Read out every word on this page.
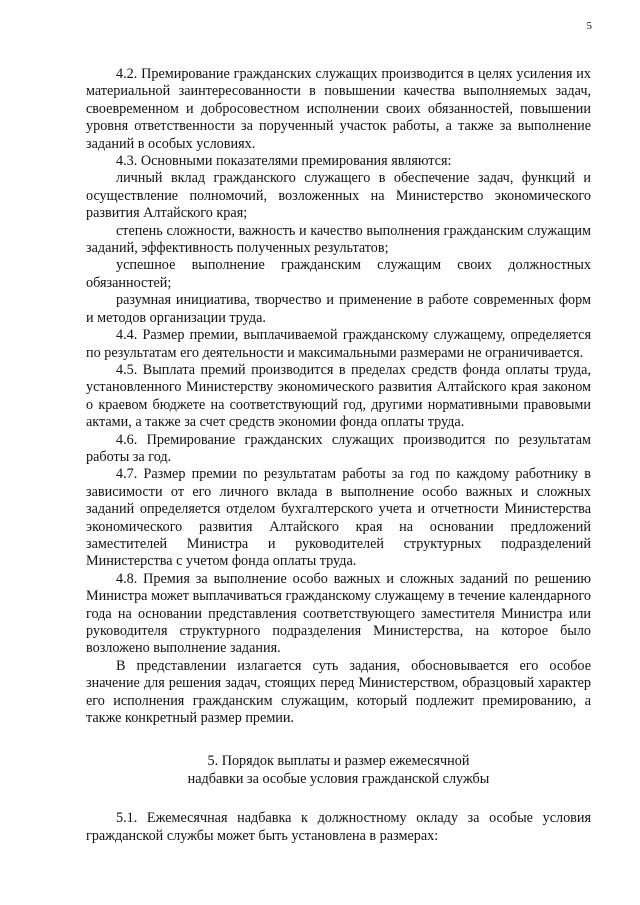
5

4.2. Премирование гражданских служащих производится в целях усиления их материальной заинтересованности в повышении качества выполняемых задач, своевременном и добросовестном исполнении своих обязанностей, повышении уровня ответственности за порученный участок работы, а также за выполнение заданий в особых условиях.

4.3. Основными показателями премирования являются:

личный вклад гражданского служащего в обеспечение задач, функций и осуществление полномочий, возложенных на Министерство экономического развития Алтайского края;

степень сложности, важность и качество выполнения гражданским служащим заданий, эффективность полученных результатов;

успешное выполнение гражданским служащим своих должностных обязанностей;

разумная инициатива, творчество и применение в работе современных форм и методов организации труда.

4.4. Размер премии, выплачиваемой гражданскому служащему, определяется по результатам его деятельности и максимальными размерами не ограничивается.

4.5. Выплата премий производится в пределах средств фонда оплаты труда, установленного Министерству экономического развития Алтайского края законом о краевом бюджете на соответствующий год, другими нормативными правовыми актами, а также за счет средств экономии фонда оплаты труда.

4.6. Премирование гражданских служащих производится по результатам работы за год.

4.7. Размер премии по результатам работы за год по каждому работнику в зависимости от его личного вклада в выполнение особо важных и сложных заданий определяется отделом бухгалтерского учета и отчетности Министерства экономического развития Алтайского края на основании предложений заместителей Министра и руководителей структурных подразделений Министерства с учетом фонда оплаты труда.

4.8. Премия за выполнение особо важных и сложных заданий по решению Министра может выплачиваться гражданскому служащему в течение календарного года на основании представления соответствующего заместителя Министра или руководителя структурного подразделения Министерства, на которое было возложено выполнение задания.

В представлении излагается суть задания, обосновывается его особое значение для решения задач, стоящих перед Министерством, образцовый характер его исполнения гражданским служащим, который подлежит премированию, а также конкретный размер премии.

5. Порядок выплаты и размер ежемесячной
надбавки за особые условия гражданской службы

5.1. Ежемесячная надбавка к должностному окладу за особые условия гражданской службы может быть установлена в размерах:
